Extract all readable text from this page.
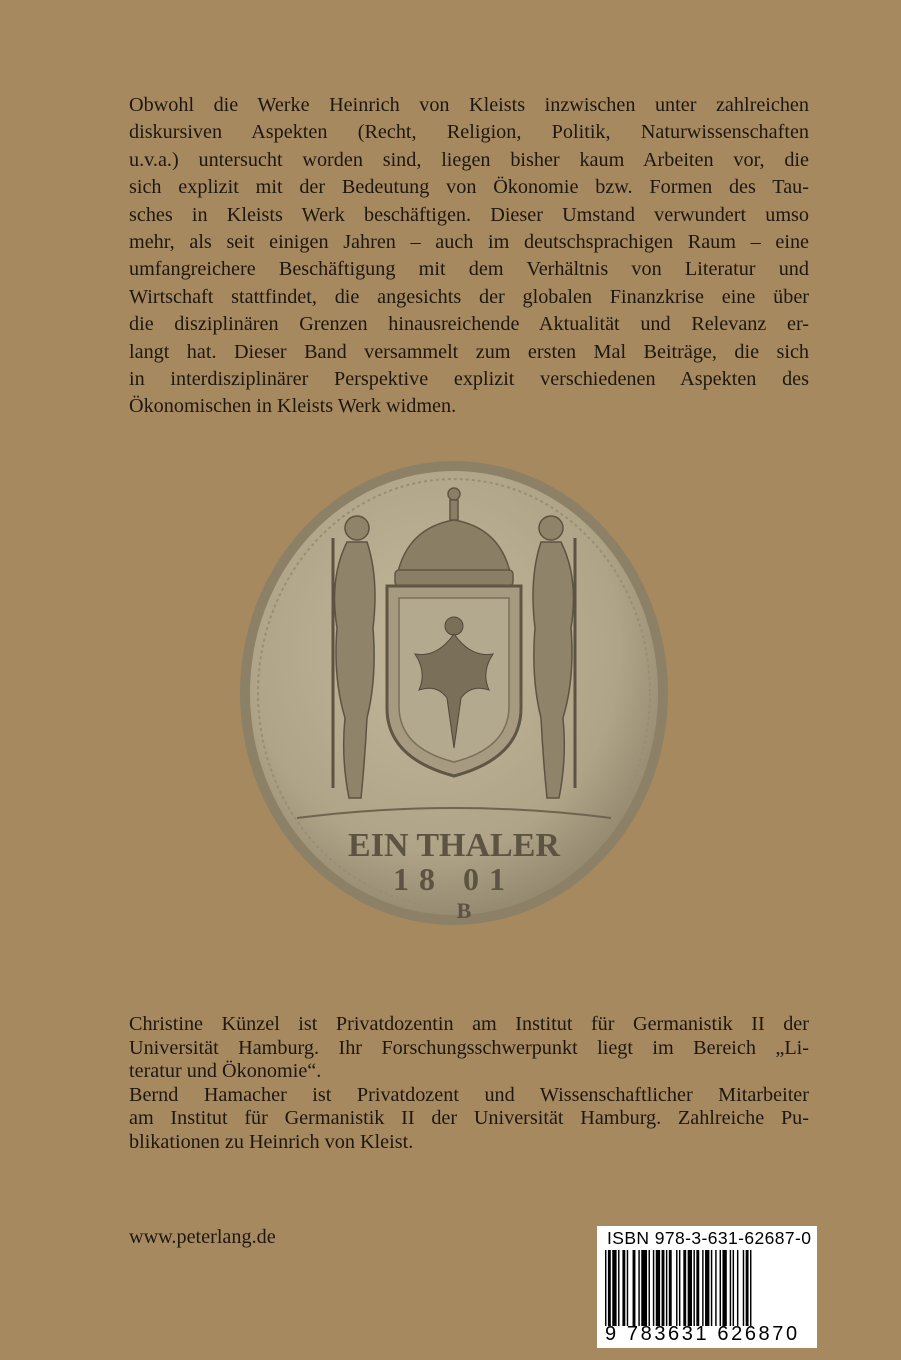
Obwohl die Werke Heinrich von Kleists inzwischen unter zahlreichen
diskursiven Aspekten (Recht, Religion, Politik, Naturwissenschaften
u.v.a.) untersucht worden sind, liegen bisher kaum Arbeiten vor, die
sich explizit mit der Bedeutung von Ökonomie bzw. Formen des Tau-
sches in Kleists Werk beschäftigen. Dieser Umstand verwundert umso
mehr, als seit einigen Jahren – auch im deutschsprachigen Raum – eine
umfangreichere Beschäftigung mit dem Verhältnis von Literatur und
Wirtschaft stattfindet, die angesichts der globalen Finanzkrise eine über
die disziplinären Grenzen hinausreichende Aktualität und Relevanz er-
langt hat. Dieser Band versammelt zum ersten Mal Beiträge, die sich
in interdisziplinärer Perspektive explizit verschiedenen Aspekten des
Ökonomischen in Kleists Werk widmen.
EIN THALER
18 01
B
Christine Künzel ist Privatdozentin am Institut für Germanistik II der
Universität Hamburg. Ihr Forschungsschwerpunkt liegt im Bereich „Li-
teratur und Ökonomie“.
Bernd Hamacher ist Privatdozent und Wissenschaftlicher Mitarbeiter
am Institut für Germanistik II der Universität Hamburg. Zahlreiche Pu-
blikationen zu Heinrich von Kleist.
www.peterlang.de	ISBN 978-3-631-62687-0
9 783631 626870
